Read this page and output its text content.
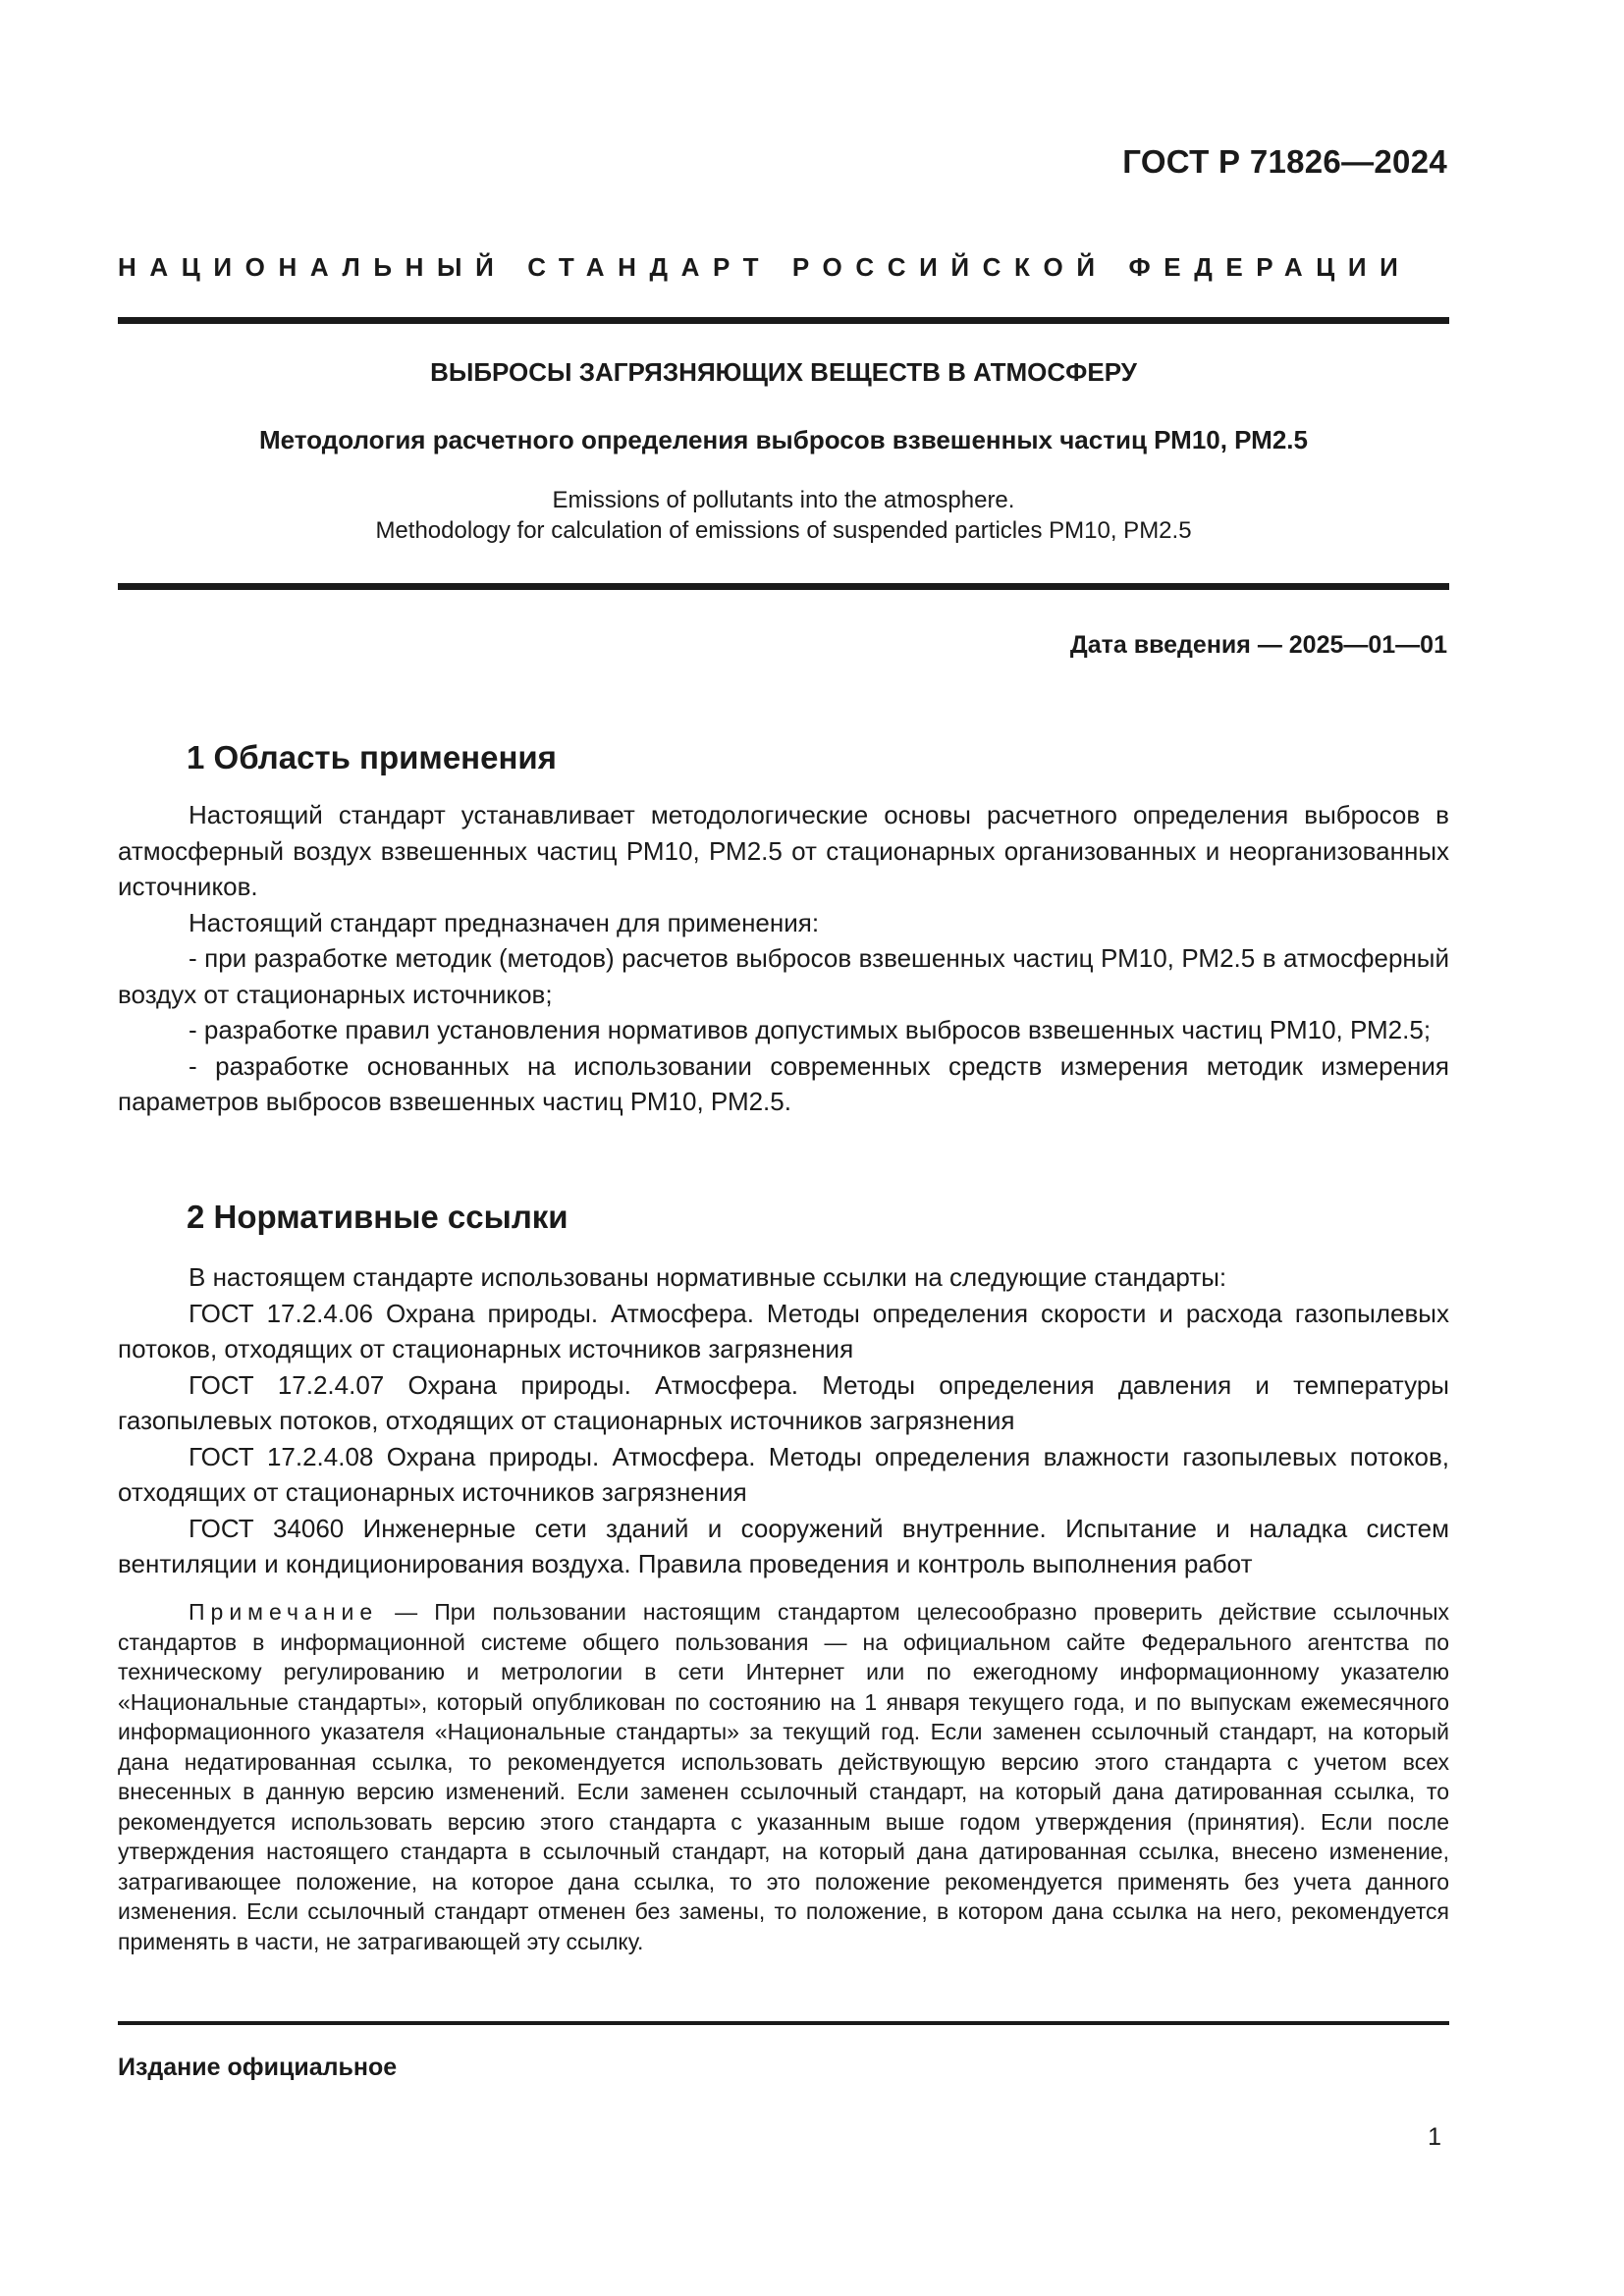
ГОСТ Р 71826—2024
НАЦИОНАЛЬНЫЙ СТАНДАРТ РОССИЙСКОЙ ФЕДЕРАЦИИ
ВЫБРОСЫ ЗАГРЯЗНЯЮЩИХ ВЕЩЕСТВ В АТМОСФЕРУ
Методология расчетного определения выбросов взвешенных частиц РМ10, РМ2.5
Emissions of pollutants into the atmosphere.
Methodology for calculation of emissions of suspended particles PM10, PM2.5
Дата введения — 2025—01—01
1 Область применения

Настоящий стандарт устанавливает методологические основы расчетного определения выбросов в атмосферный воздух взвешенных частиц РМ10, РМ2.5 от стационарных организованных и неорганизованных источников.

Настоящий стандарт предназначен для применения:

- при разработке методик (методов) расчетов выбросов взвешенных частиц РМ10, РМ2.5 в атмосферный воздух от стационарных источников;

- разработке правил установления нормативов допустимых выбросов взвешенных частиц РМ10, РМ2.5;

- разработке основанных на использовании современных средств измерения методик измерения параметров выбросов взвешенных частиц РМ10, РМ2.5.

2 Нормативные ссылки

В настоящем стандарте использованы нормативные ссылки на следующие стандарты:

ГОСТ 17.2.4.06 Охрана природы. Атмосфера. Методы определения скорости и расхода газопылевых потоков, отходящих от стационарных источников загрязнения

ГОСТ 17.2.4.07 Охрана природы. Атмосфера. Методы определения давления и температуры газопылевых потоков, отходящих от стационарных источников загрязнения

ГОСТ 17.2.4.08 Охрана природы. Атмосфера. Методы определения влажности газопылевых потоков, отходящих от стационарных источников загрязнения

ГОСТ 34060 Инженерные сети зданий и сооружений внутренние. Испытание и наладка систем вентиляции и кондиционирования воздуха. Правила проведения и контроль выполнения работ

Примечание — При пользовании настоящим стандартом целесообразно проверить действие ссылочных стандартов в информационной системе общего пользования — на официальном сайте Федерального агентства по техническому регулированию и метрологии в сети Интернет или по ежегодному информационному указателю «Национальные стандарты», который опубликован по состоянию на 1 января текущего года, и по выпускам ежемесячного информационного указателя «Национальные стандарты» за текущий год. Если заменен ссылочный стандарт, на который дана недатированная ссылка, то рекомендуется использовать действующую версию этого стандарта с учетом всех внесенных в данную версию изменений. Если заменен ссылочный стандарт, на который дана датированная ссылка, то рекомендуется использовать версию этого стандарта с указанным выше годом утверждения (принятия). Если после утверждения настоящего стандарта в ссылочный стандарт, на который дана датированная ссылка, внесено изменение, затрагивающее положение, на которое дана ссылка, то это положение рекомендуется применять без учета данного изменения. Если ссылочный стандарт отменен без замены, то положение, в котором дана ссылка на него, рекомендуется применять в части, не затрагивающей эту ссылку.
Издание официальное
1
